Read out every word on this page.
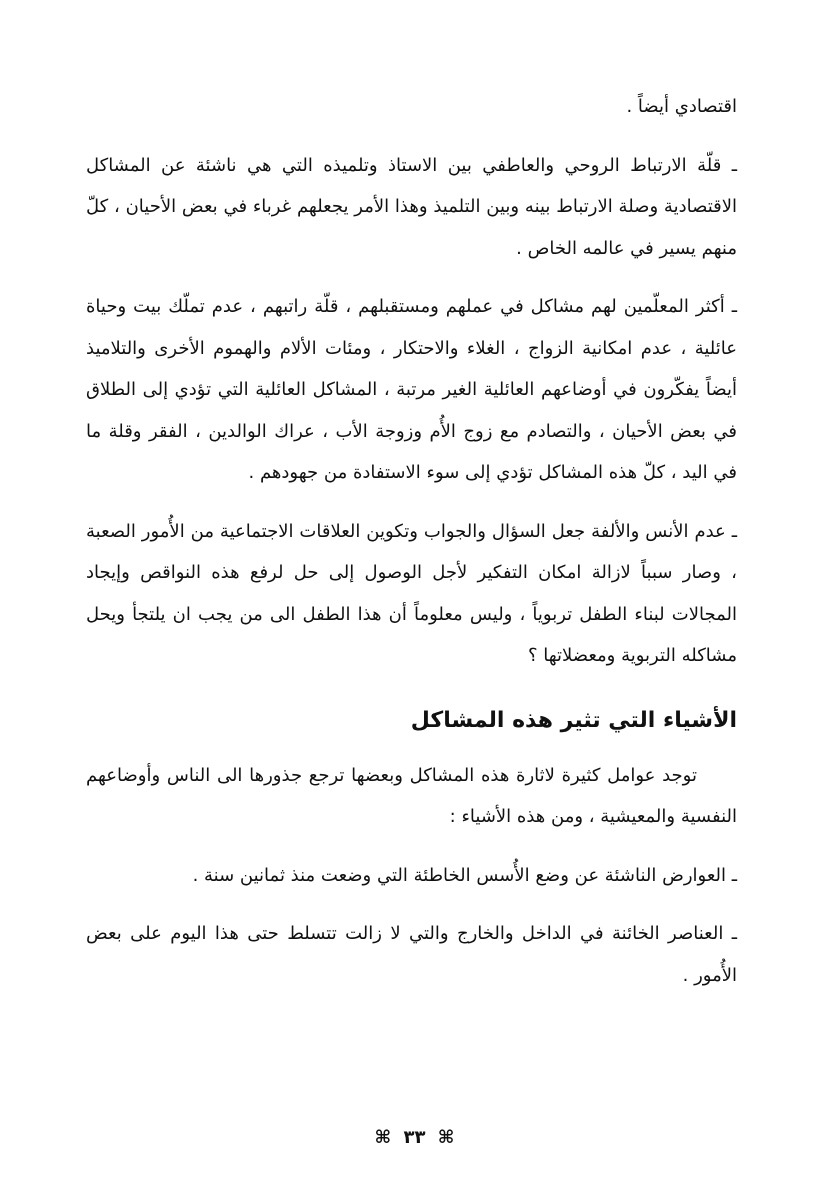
اقتصادي أيضاً .

ـ قلّة الارتباط الروحي والعاطفي بين الاستاذ وتلميذه التي هي ناشئة عن المشاكل الاقتصادية وصلة الارتباط بينه وبين التلميذ وهذا الأمر يجعلهم غرباء في بعض الأحيان ، كلّ منهم يسير في عالمه الخاص .

ـ أكثر المعلّمين لهم مشاكل في عملهم ومستقبلهم ، قلّة راتبهم ، عدم تملّك بيت وحياة عائلية ، عدم امكانية الزواج ، الغلاء والاحتكار ، ومئات الألام والهموم الأخرى والتلاميذ أيضاً يفكّرون في أوضاعهم العائلية الغير مرتبة ، المشاكل العائلية التي تؤدي إلى الطلاق في بعض الأحيان ، والتصادم مع زوج الأُم وزوجة الأب ، عراك الوالدين ، الفقر وقلة ما في اليد ، كلّ هذه المشاكل تؤدي إلى سوء الاستفادة من جهودهم .

ـ عدم الأنس والألفة جعل السؤال والجواب وتكوين العلاقات الاجتماعية من الأُمور الصعبة ، وصار سبباً لازالة امكان التفكير لأجل الوصول إلى حل لرفع هذه النواقص وإيجاد المجالات لبناء الطفل تربوياً ، وليس معلوماً أن هذا الطفل الى من يجب ان يلتجأ ويحل مشاكله التربوية ومعضلاتها ؟

الأشياء التي تثير هذه المشاكل

توجد عوامل كثيرة لاثارة هذه المشاكل وبعضها ترجع جذورها الى الناس وأوضاعهم النفسية والمعيشية ، ومن هذه الأشياء :

ـ العوارض الناشئة عن وضع الأُسس الخاطئة التي وضعت منذ ثمانين سنة .

ـ العناصر الخائنة في الداخل والخارج والتي لا زالت تتسلط حتى هذا اليوم على بعض الأُمور .

⌘ ٣٣ ⌘
